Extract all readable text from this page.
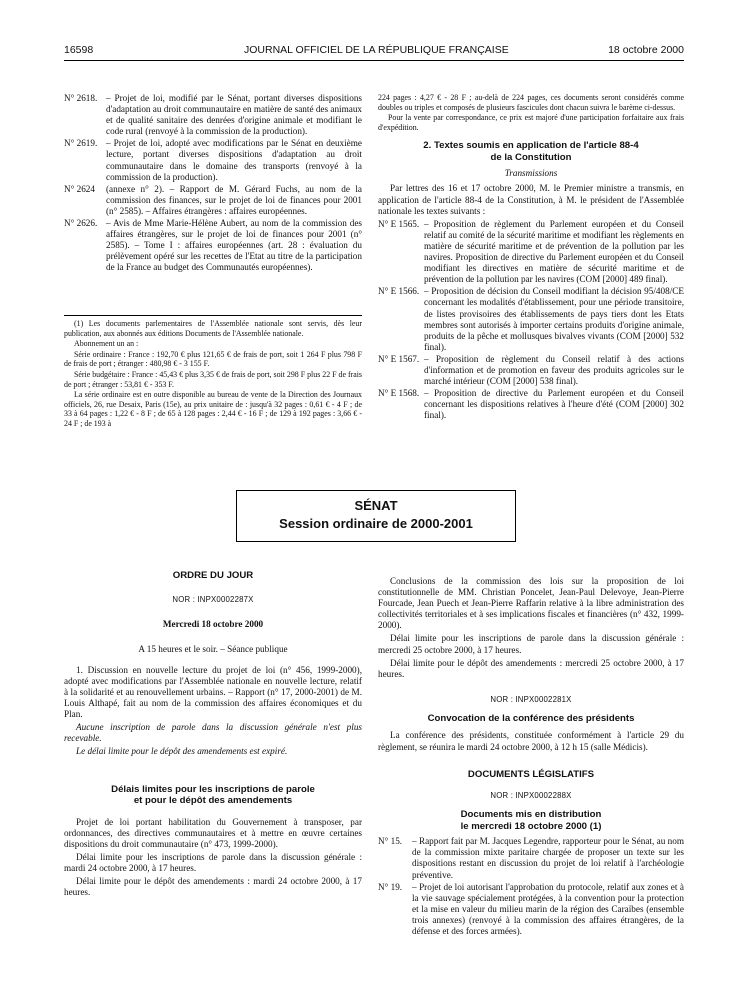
16598	JOURNAL OFFICIEL DE LA RÉPUBLIQUE FRANÇAISE	18 octobre 2000
N° 2618. – Projet de loi, modifié par le Sénat, portant diverses dispositions d'adaptation au droit communautaire en matière de santé des animaux et de qualité sanitaire des denrées d'origine animale et modifiant le code rural (renvoyé à la commission de la production).
N° 2619. – Projet de loi, adopté avec modifications par le Sénat en deuxième lecture, portant diverses dispositions d'adaptation au droit communautaire dans le domaine des transports (renvoyé à la commission de la production).
N° 2624 (annexe n° 2). – Rapport de M. Gérard Fuchs, au nom de la commission des finances, sur le projet de loi de finances pour 2001 (n° 2585). – Affaires étrangères : affaires européennes.
N° 2626. – Avis de Mme Marie-Hélène Aubert, au nom de la commission des affaires étrangères, sur le projet de loi de finances pour 2001 (n° 2585). – Tome I : affaires européennes (art. 28 : évaluation du prélèvement opéré sur les recettes de l'Etat au titre de la participation de la France au budget des Communautés européennes).

(1) Les documents parlementaires de l'Assemblée nationale sont servis, dès leur publication, aux abonnés aux éditions Documents de l'Assemblée nationale.

Abonnement un an :

Série ordinaire : France : 192,70 € plus 121,65 € de frais de port, soit 1 264 F plus 798 F de frais de port ; étranger : 480,98 € - 3 155 F.

Série budgétaire : France : 45,43 € plus 3,35 € de frais de port, soit 298 F plus 22 F de frais de port ; étranger : 53,81 € - 353 F.

La série ordinaire est en outre disponible au bureau de vente de la Direction des Journaux officiels, 26, rue Desaix, Paris (15e), au prix unitaire de : jusqu'à 32 pages : 0,61 € - 4 F ; de 33 à 64 pages : 1,22 € - 8 F ; de 65 à 128 pages : 2,44 € - 16 F ; de 129 à 192 pages : 3,66 € - 24 F ; de 193 à

224 pages : 4,27 € - 28 F ; au-delà de 224 pages, ces documents seront considérés comme doubles ou triples et composés de plusieurs fascicules dont chacun suivra le barème ci-dessus.
Pour la vente par correspondance, ce prix est majoré d'une participation forfaitaire aux frais d'expédition.
2. Textes soumis en application de l'article 88-4
de la Constitution
Transmissions
Par lettres des 16 et 17 octobre 2000, M. le Premier ministre a transmis, en application de l'article 88-4 de la Constitution, à M. le président de l'Assemblée nationale les textes suivants :
N° E 1565. – Proposition de règlement du Parlement européen et du Conseil relatif au comité de la sécurité maritime et modifiant les règlements en matière de sécurité maritime et de prévention de la pollution par les navires. Proposition de directive du Parlement européen et du Conseil modifiant les directives en matière de sécurité maritime et de prévention de la pollution par les navires (COM [2000] 489 final).
N° E 1566. – Proposition de décision du Conseil modifiant la décision 95/408/CE concernant les modalités d'établissement, pour une période transitoire, de listes provisoires des établissements de pays tiers dont les Etats membres sont autorisés à importer certains produits d'origine animale, produits de la pêche et mollusques bivalves vivants (COM [2000] 532 final).
N° E 1567. – Proposition de règlement du Conseil relatif à des actions d'information et de promotion en faveur des produits agricoles sur le marché intérieur (COM [2000] 538 final).
N° E 1568. – Proposition de directive du Parlement européen et du Conseil concernant les dispositions relatives à l'heure d'été (COM [2000] 302 final).
SÉNAT
Session ordinaire de 2000-2001
ORDRE DU JOUR
NOR : INPX0002287X
Mercredi 18 octobre 2000
A 15 heures et le soir. – Séance publique
1. Discussion en nouvelle lecture du projet de loi (n° 456, 1999-2000), adopté avec modifications par l'Assemblée nationale en nouvelle lecture, relatif à la solidarité et au renouvellement urbains. – Rapport (n° 17, 2000-2001) de M. Louis Althapé, fait au nom de la commission des affaires économiques et du Plan.
Aucune inscription de parole dans la discussion générale n'est plus recevable.
Le délai limite pour le dépôt des amendements est expiré.
Délais limites pour les inscriptions de parole
et pour le dépôt des amendements
Projet de loi portant habilitation du Gouvernement à transposer, par ordonnances, des directives communautaires et à mettre en œuvre certaines dispositions du droit communautaire (n° 473, 1999-2000).
Délai limite pour les inscriptions de parole dans la discussion générale : mardi 24 octobre 2000, à 17 heures.
Délai limite pour le dépôt des amendements : mardi 24 octobre 2000, à 17 heures.
Conclusions de la commission des lois sur la proposition de loi constitutionnelle de MM. Christian Poncelet, Jean-Paul Delevoye, Jean-Pierre Fourcade, Jean Puech et Jean-Pierre Raffarin relative à la libre administration des collectivités territoriales et à ses implications fiscales et financières (n° 432, 1999-2000).
Délai limite pour les inscriptions de parole dans la discussion générale : mercredi 25 octobre 2000, à 17 heures.
Délai limite pour le dépôt des amendements : mercredi 25 octobre 2000, à 17 heures.
NOR : INPX0002281X
Convocation de la conférence des présidents
La conférence des présidents, constituée conformément à l'article 29 du règlement, se réunira le mardi 24 octobre 2000, à 12 h 15 (salle Médicis).
DOCUMENTS LÉGISLATIFS
NOR : INPX0002288X
Documents mis en distribution
le mercredi 18 octobre 2000 (1)
N° 15. – Rapport fait par M. Jacques Legendre, rapporteur pour le Sénat, au nom de la commission mixte paritaire chargée de proposer un texte sur les dispositions restant en discussion du projet de loi relatif à l'archéologie préventive.
N° 19. – Projet de loi autorisant l'approbation du protocole, relatif aux zones et à la vie sauvage spécialement protégées, à la convention pour la protection et la mise en valeur du milieu marin de la région des Caraïbes (ensemble trois annexes) (renvoyé à la commission des affaires étrangères, de la défense et des forces armées).
